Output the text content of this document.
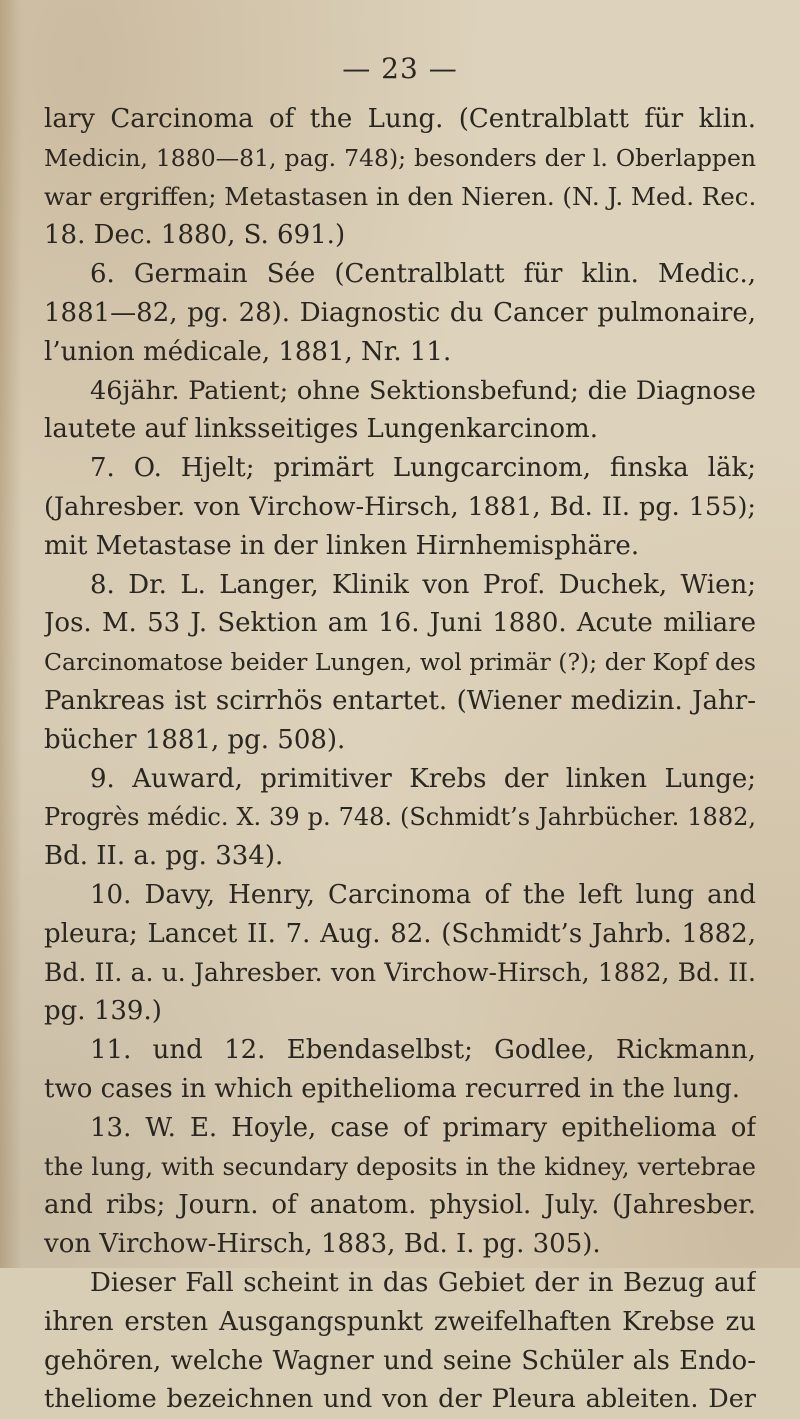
— 23 —
lary Carcinoma of the Lung. (Centralblatt für klin.
Medicin, 1880—81, pag. 748); besonders der l. Oberlappen
war ergriffen; Metastasen in den Nieren. (N. J. Med. Rec.
18. Dec. 1880, S. 691.)
6. Germain Sée (Centralblatt für klin. Medic.,
1881—82, pg. 28). Diagnostic du Cancer pulmonaire,
l’union médicale, 1881, Nr. 11.
46jähr. Patient; ohne Sektionsbefund; die Diagnose
lautete auf linksseitiges Lungenkarcinom.
7. O. Hjelt; primärt Lungcarcinom, finska läk;
(Jahresber. von Virchow-Hirsch, 1881, Bd. II. pg. 155);
mit Metastase in der linken Hirnhemisphäre.
8. Dr. L. Langer, Klinik von Prof. Duchek, Wien;
Jos. M. 53 J. Sektion am 16. Juni 1880. Acute miliare
Carcinomatose beider Lungen, wol primär (?); der Kopf des
Pankreas ist scirrhös entartet. (Wiener medizin. Jahr-
bücher 1881, pg. 508).
9. Auward, primitiver Krebs der linken Lunge;
Progrès médic. X. 39 p. 748. (Schmidt’s Jahrbücher. 1882,
Bd. II. a. pg. 334).
10. Davy, Henry, Carcinoma of the left lung and
pleura; Lancet II. 7. Aug. 82. (Schmidt’s Jahrb. 1882,
Bd. II. a. u. Jahresber. von Virchow-Hirsch, 1882, Bd. II.
pg. 139.)
11. und 12. Ebendaselbst; Godlee, Rickmann,
two cases in which epithelioma recurred in the lung.
13. W. E. Hoyle, case of primary epithelioma of
the lung, with secundary deposits in the kidney, vertebrae
and ribs; Journ. of anatom. physiol. July. (Jahresber.
von Virchow-Hirsch, 1883, Bd. I. pg. 305).
Dieser Fall scheint in das Gebiet der in Bezug auf
ihren ersten Ausgangspunkt zweifelhaften Krebse zu
gehören, welche Wagner und seine Schüler als Endo-
theliome bezeichnen und von der Pleura ableiten. Der
